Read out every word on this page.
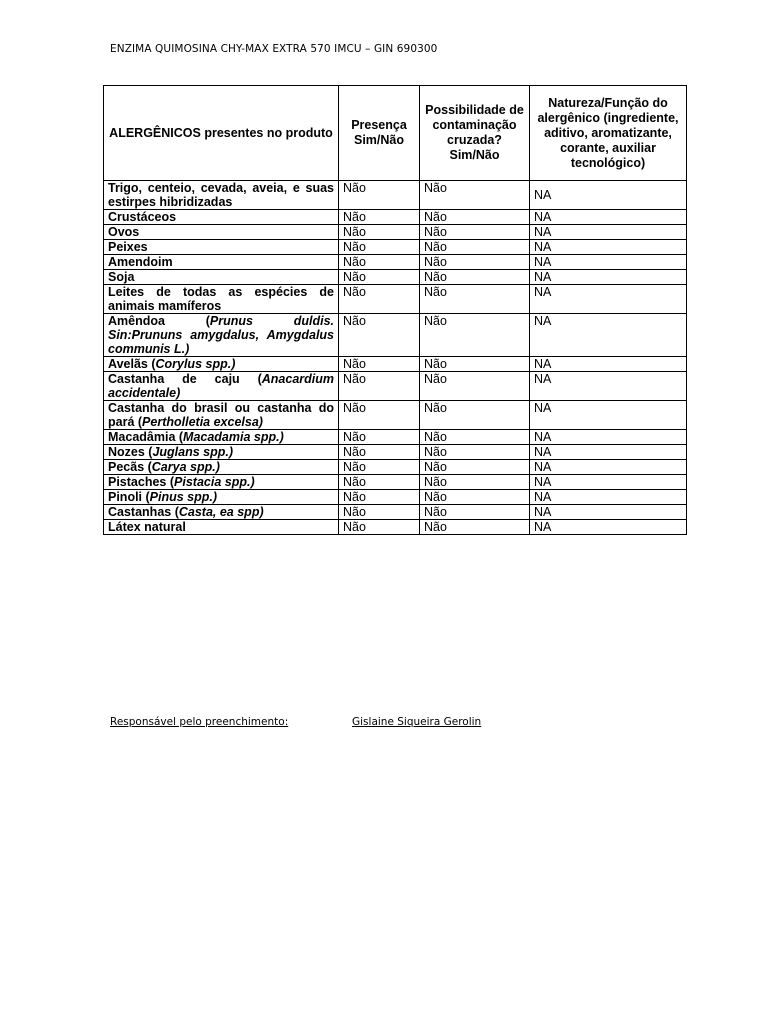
ENZIMA QUIMOSINA CHY-MAX EXTRA 570 IMCU – GIN 690300
ALERGÊNICOS presentes no produto	Presença Sim/Não	Possibilidade de contaminação cruzada? Sim/Não	Natureza/Função do alergênico (ingrediente, aditivo, aromatizante, corante, auxiliar tecnológico)
Trigo, centeio, cevada, aveia, e suas estirpes hibridizadas	Não	Não	NA
Crustáceos	Não	Não	NA
Ovos	Não	Não	NA
Peixes	Não	Não	NA
Amendoim	Não	Não	NA
Soja	Não	Não	NA
Leites de todas as espécies de animais mamíferos	Não	Não	NA
Amêndoa (Prunus duldis. Sin:Prununs amygdalus, Amygdalus communis L.)	Não	Não	NA
Avelãs (Corylus spp.)	Não	Não	NA
Castanha de caju (Anacardium accidentale)	Não	Não	NA
Castanha do brasil ou castanha do pará (Pertholletia excelsa)	Não	Não	NA
Macadâmia (Macadamia spp.)	Não	Não	NA
Nozes (Juglans spp.)	Não	Não	NA
Pecãs (Carya spp.)	Não	Não	NA
Pistaches (Pistacia spp.)	Não	Não	NA
Pinoli (Pinus spp.)	Não	Não	NA
Castanhas (Casta, ea spp)	Não	Não	NA
Látex natural	Não	Não	NA
Responsável pelo preenchimento:	Gislaine Siqueira Gerolin
